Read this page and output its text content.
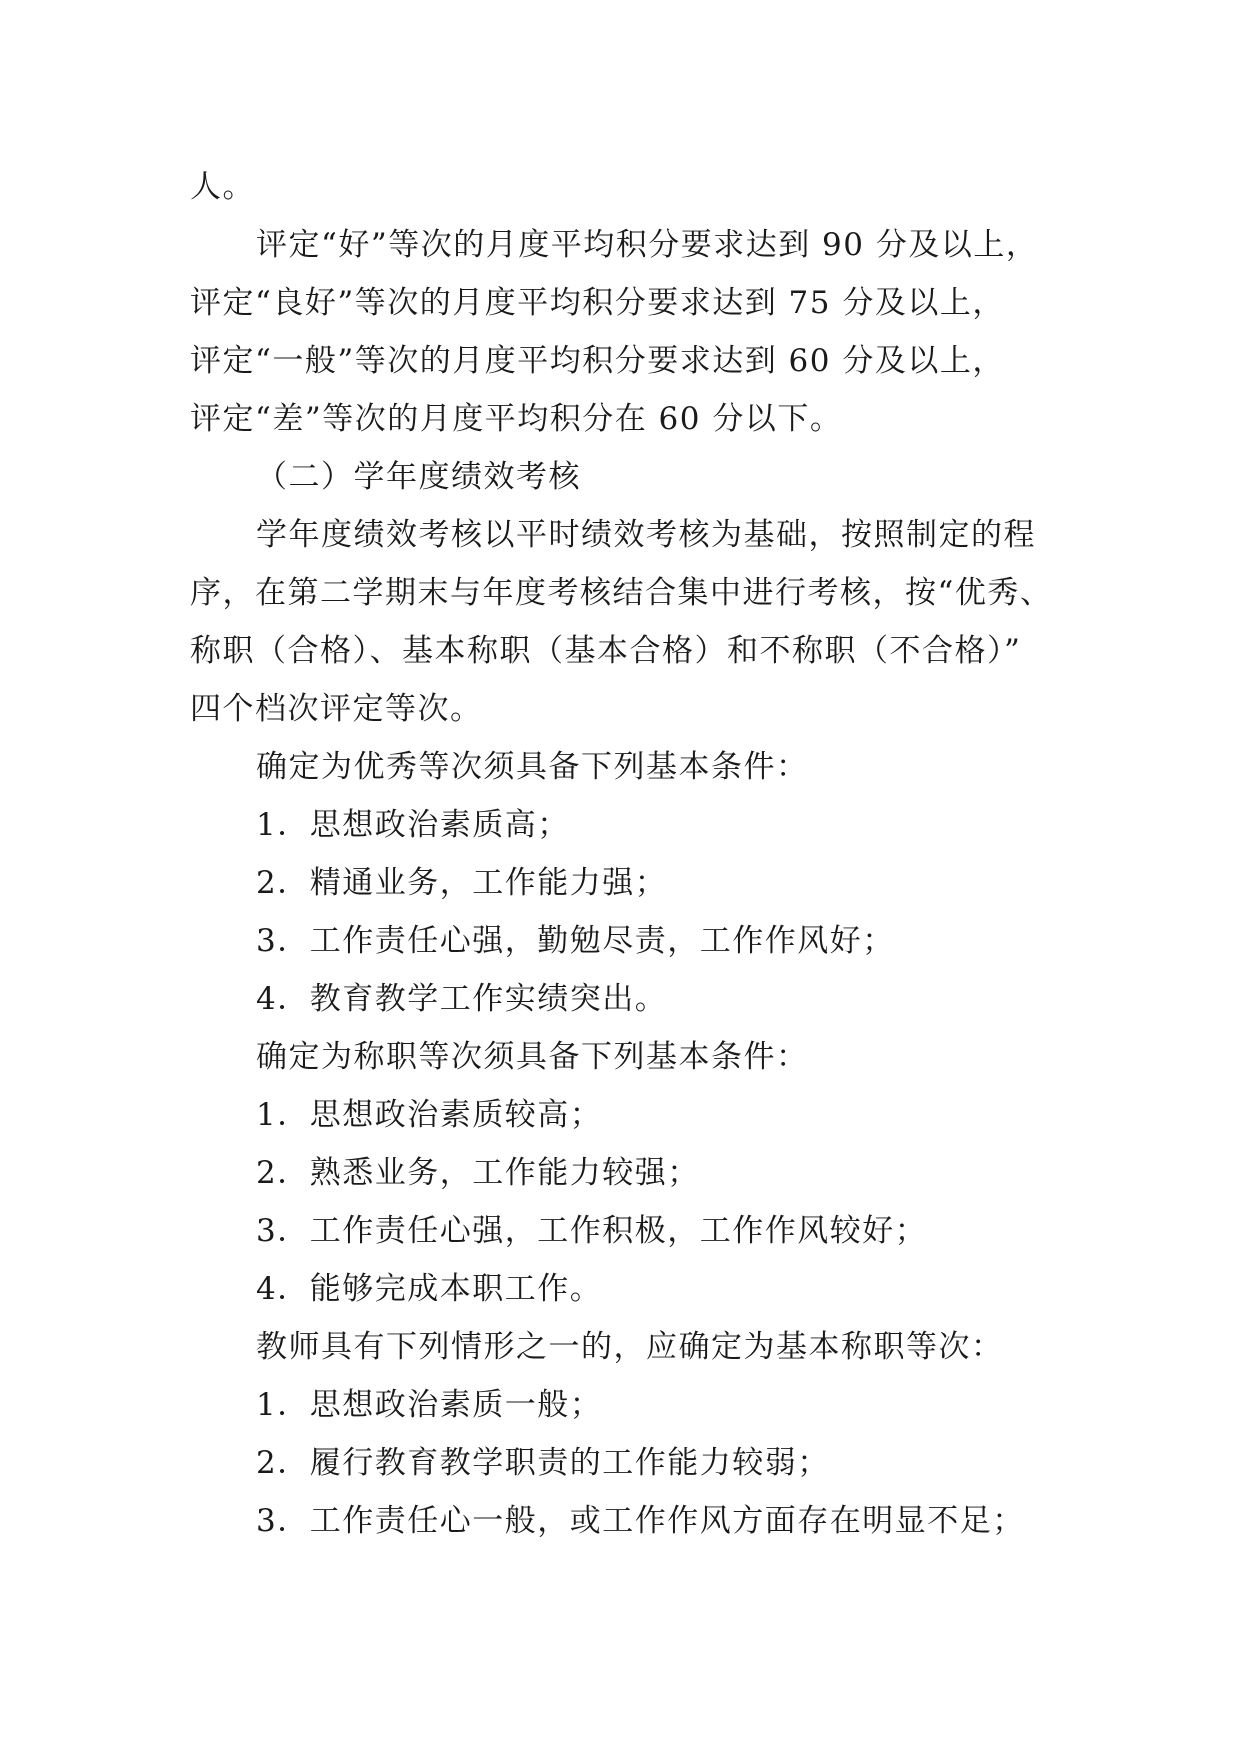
人。
评定“好”等次的月度平均积分要求达到 90 分及以上，
评定“良好”等次的月度平均积分要求达到 75 分及以上，
评定“一般”等次的月度平均积分要求达到 60 分及以上，
评定“差”等次的月度平均积分在 60 分以下。
（二）学年度绩效考核
学年度绩效考核以平时绩效考核为基础，按照制定的程
序，在第二学期末与年度考核结合集中进行考核，按“优秀、
称职（合格）、基本称职（基本合格）和不称职（不合格）”
四个档次评定等次。
确定为优秀等次须具备下列基本条件：
1．思想政治素质高；
2．精通业务，工作能力强；
3．工作责任心强，勤勉尽责，工作作风好；
4．教育教学工作实绩突出。
确定为称职等次须具备下列基本条件：
1．思想政治素质较高；
2．熟悉业务，工作能力较强；
3．工作责任心强，工作积极，工作作风较好；
4．能够完成本职工作。
教师具有下列情形之一的，应确定为基本称职等次：
1．思想政治素质一般；
2．履行教育教学职责的工作能力较弱；
3．工作责任心一般，或工作作风方面存在明显不足；
